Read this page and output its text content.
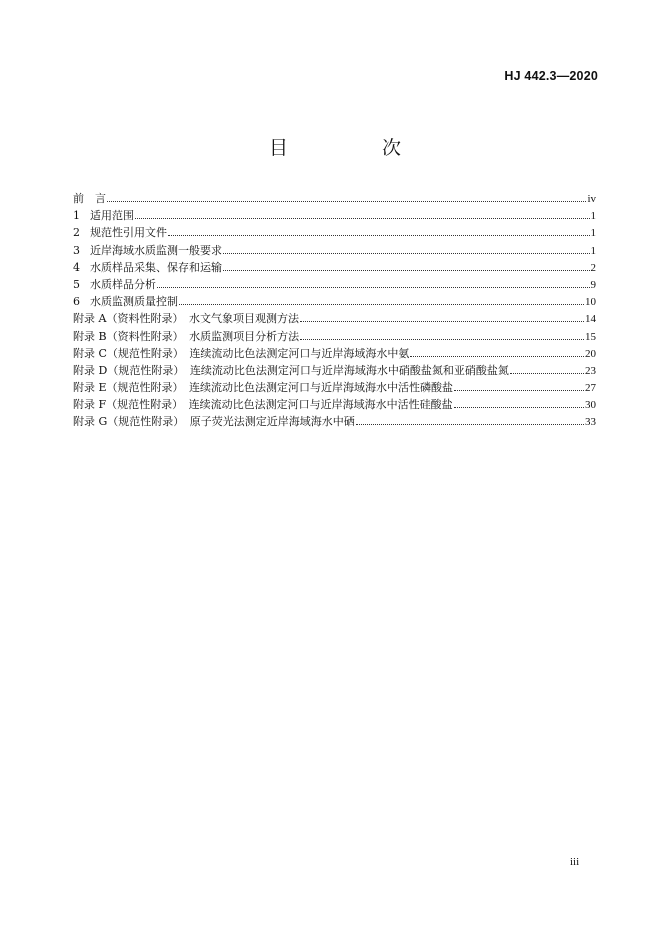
HJ 442.3—2020
目 次
前　言	iv
1 适用范围	1
2 规范性引用文件	1
3 近岸海域水质监测一般要求	1
4 水质样品采集、保存和运输	2
5 水质样品分析	9
6 水质监测质量控制	10
附录 A（资料性附录）　水文气象项目观测方法	14
附录 B（资料性附录）　水质监测项目分析方法	15
附录 C（规范性附录）　连续流动比色法测定河口与近岸海域海水中氨	20
附录 D（规范性附录）　连续流动比色法测定河口与近岸海域海水中硝酸盐氮和亚硝酸盐氮	23
附录 E（规范性附录）　连续流动比色法测定河口与近岸海域海水中活性磷酸盐	27
附录 F（规范性附录）　连续流动比色法测定河口与近岸海域海水中活性硅酸盐	30
附录 G（规范性附录）　原子荧光法测定近岸海域海水中硒	33
iii
